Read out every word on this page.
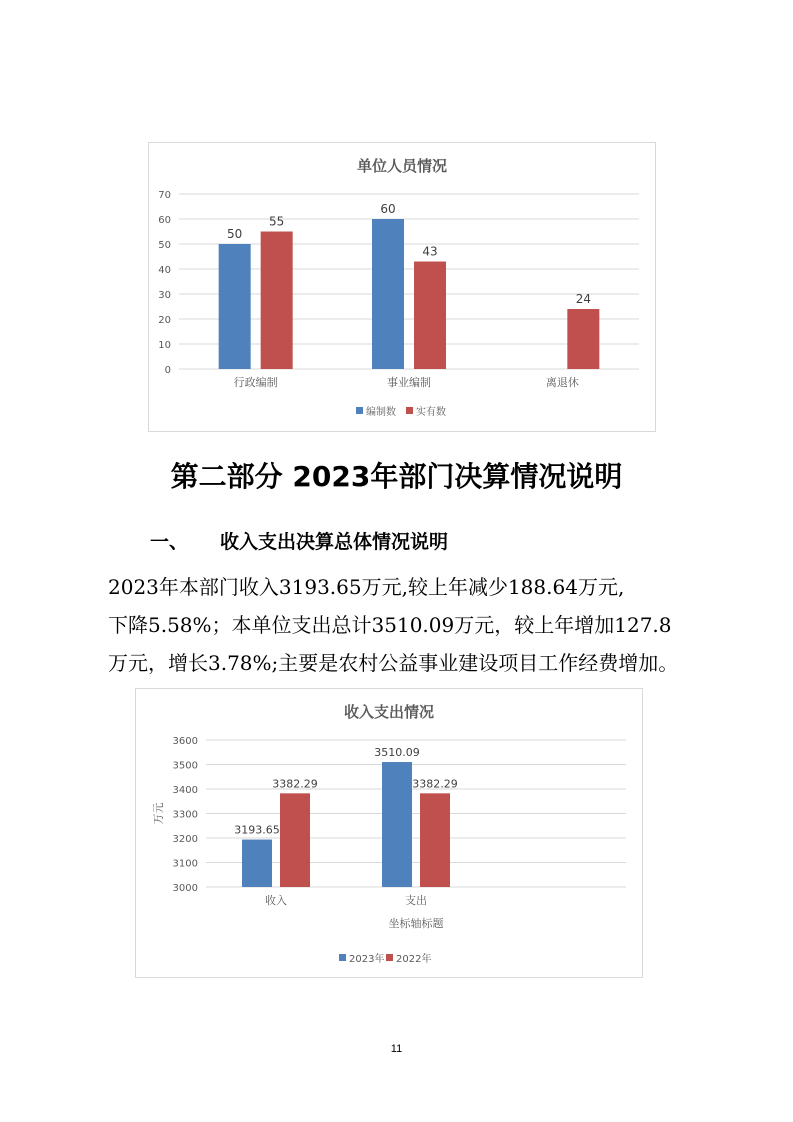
单位人员情况
0
10
20
30
40
50
60
70
行政编制
50
55
事业编制
60
43
离退休
24
编制数 实有数
第二部分 2023年部门决算情况说明
一、 收入支出决算总体情况说明
2023年本部门收入3193.65万元,较上年减少188.64万元,
下降5.58%；本单位支出总计3510.09万元，较上年增加127.8
万元，增长3.78%;主要是农村公益事业建设项目工作经费增加。
收入支出情况
3000
3100
3200
3300
3400
3500
3600
收入
3193.65
3382.29
支出
3510.09
3382.29
万元
坐标轴标题
2023年 2022年
11
